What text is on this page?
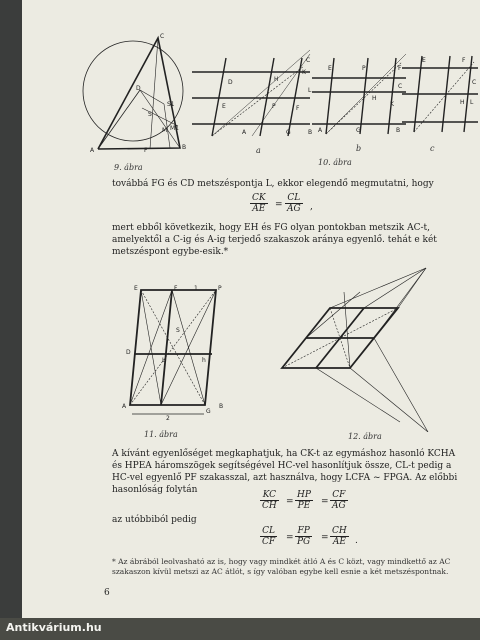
C
D
S
S1
A	B
F
M M1
9. ábra
D	H
K
C
E	P
L
F
A	G	B
a
E	F
P
C
K
H
A	G	B
10. ábra
b
E	F
C
H L
c
továbbá FG és CD metszéspontja L, ekkor elegendő megmutatni, hogy
$\frac{CK}{AE} = \frac{CL}{AG}$ ,
mert ebből következik, hogy EH és FG olyan pontokban metszik AC-t, amelyektől a C-ig és A-ig terjedő szakaszok aránya egyenlő. tehát e két metszéspont egybe-esik.*
E	F	1	P
S
D
L	h
A
G
B
2
11. ábra	12. ábra
A kívánt egyenlőséget megkaphatjuk, ha CK-t az egymáshoz hasonló KCHA és HPEA háromszögek segítségével HC-vel hasonlítjuk össze, CL-t pedig a HC-vel egyenlő PF szakasszal, azt használva, hogy LCFA ~ FPGA. Az előbbi hasonlóság folytán	$\frac{KC}{CH} = \frac{HP}{PE} = \frac{CF}{AG}$
az utóbbiból pedig
$\frac{CL}{CF} = \frac{FP}{PG} = \frac{CH}{AE}$ .
* Az ábrából leolvasható az is, hogy vagy mindkét átló A és C közt, vagy mindkettő az AC szakaszon kívül metszi az AC átlót, s így valóban egybe kell esnie a két metszéspontnak.
6
Antikvárium.hu
